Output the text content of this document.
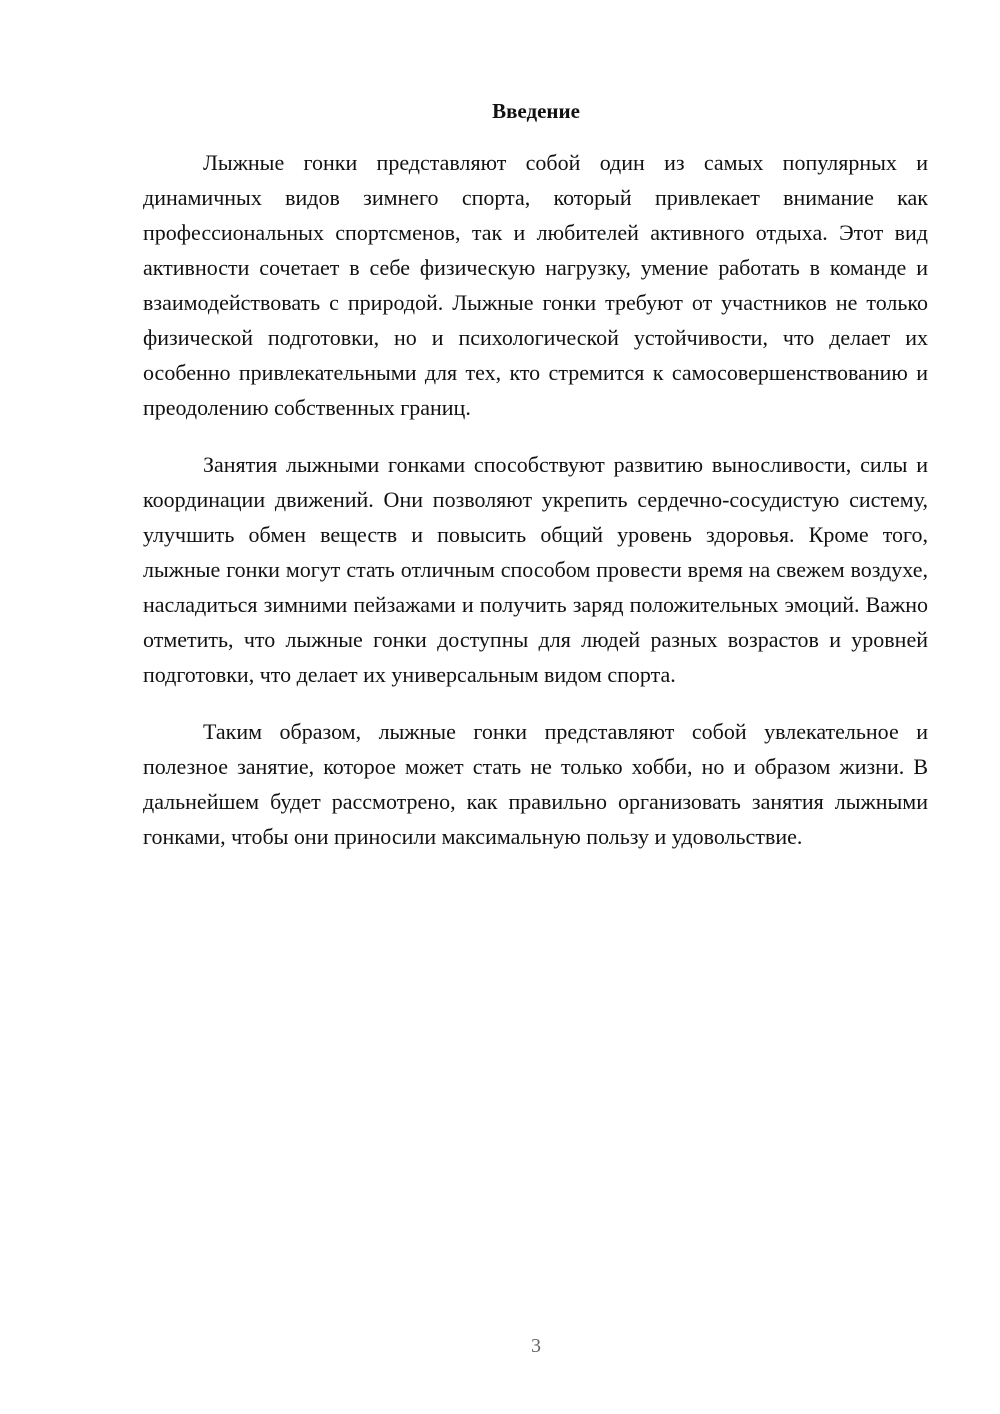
Введение

Лыжные гонки представляют собой один из самых популярных и динамичных видов зимнего спорта, который привлекает внимание как профессиональных спортсменов, так и любителей активного отдыха. Этот вид активности сочетает в себе физическую нагрузку, умение работать в команде и взаимодействовать с природой. Лыжные гонки требуют от участников не только физической подготовки, но и психологической устойчивости, что делает их особенно привлекательными для тех, кто стремится к самосовершенствованию и преодолению собственных границ.

Занятия лыжными гонками способствуют развитию выносливости, силы и координации движений. Они позволяют укрепить сердечно-сосудистую систему, улучшить обмен веществ и повысить общий уровень здоровья. Кроме того, лыжные гонки могут стать отличным способом провести время на свежем воздухе, насладиться зимними пейзажами и получить заряд положительных эмоций. Важно отметить, что лыжные гонки доступны для людей разных возрастов и уровней подготовки, что делает их универсальным видом спорта.

Таким образом, лыжные гонки представляют собой увлекательное и полезное занятие, которое может стать не только хобби, но и образом жизни. В дальнейшем будет рассмотрено, как правильно организовать занятия лыжными гонками, чтобы они приносили максимальную пользу и удовольствие.

3
